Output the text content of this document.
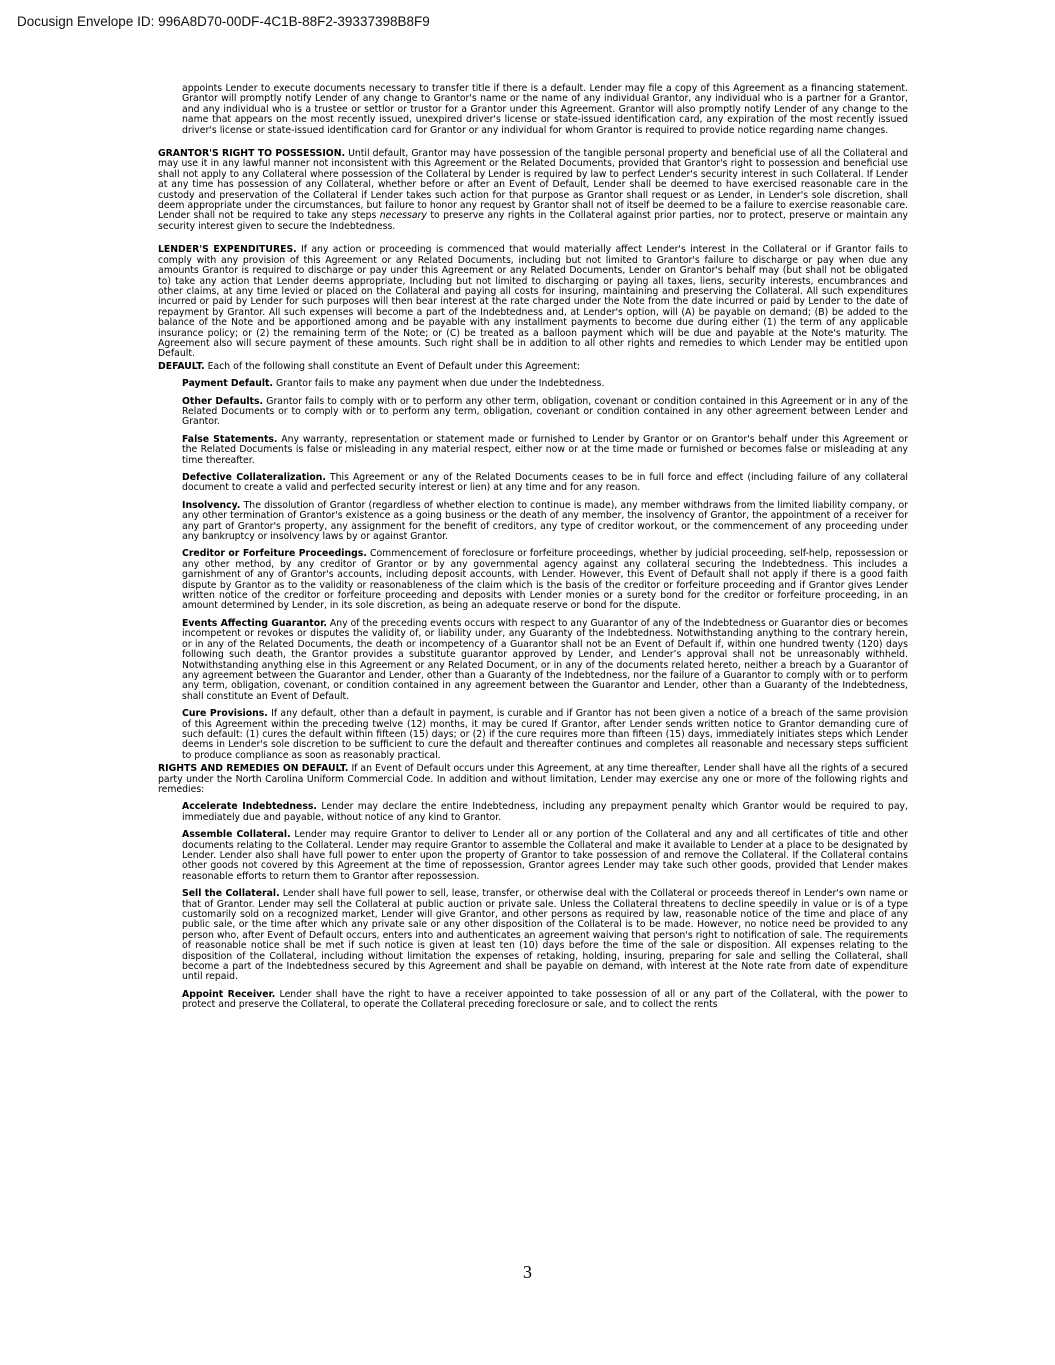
Docusign Envelope ID: 996A8D70-00DF-4C1B-88F2-39337398B8F9

appoints Lender to execute documents necessary to transfer title if there is a default. Lender may file a copy of this Agreement as a financing statement. Grantor will promptly notify Lender of any change to Grantor's name or the name of any individual Grantor, any individual who is a partner for a Grantor, and any individual who is a trustee or settlor or trustor for a Grantor under this Agreement. Grantor will also promptly notify Lender of any change to the name that appears on the most recently issued, unexpired driver's license or state-issued identification card, any expiration of the most recently issued driver's license or state-issued identification card for Grantor or any individual for whom Grantor is required to provide notice regarding name changes.

GRANTOR'S RIGHT TO POSSESSION. Until default, Grantor may have possession of the tangible personal property and beneficial use of all the Collateral and may use it in any lawful manner not inconsistent with this Agreement or the Related Documents, provided that Grantor's right to possession and beneficial use shall not apply to any Collateral where possession of the Collateral by Lender is required by law to perfect Lender's security interest in such Collateral. If Lender at any time has possession of any Collateral, whether before or after an Event of Default, Lender shall be deemed to have exercised reasonable care in the custody and preservation of the Collateral if Lender takes such action for that purpose as Grantor shall request or as Lender, in Lender's sole discretion, shall deem appropriate under the circumstances, but failure to honor any request by Grantor shall not of itself be deemed to be a failure to exercise reasonable care. Lender shall not be required to take any steps necessary to preserve any rights in the Collateral against prior parties, nor to protect, preserve or maintain any security interest given to secure the Indebtedness.

LENDER'S EXPENDITURES. If any action or proceeding is commenced that would materially affect Lender's interest in the Collateral or if Grantor fails to comply with any provision of this Agreement or any Related Documents, including but not limited to Grantor's failure to discharge or pay when due any amounts Grantor is required to discharge or pay under this Agreement or any Related Documents, Lender on Grantor's behalf may (but shall not be obligated to) take any action that Lender deems appropriate, Including but not limited to discharging or paying all taxes, liens, security interests, encumbrances and other claims, at any time levied or placed on the Collateral and paying all costs for insuring, maintaining and preserving the Collateral. All such expenditures incurred or paid by Lender for such purposes will then bear interest at the rate charged under the Note from the date incurred or paid by Lender to the date of repayment by Grantor. All such expenses will become a part of the Indebtedness and, at Lender's option, will (A) be payable on demand; (B) be added to the balance of the Note and be apportioned among and be payable with any installment payments to become due during either (1) the term of any applicable insurance policy; or (2) the remaining term of the Note; or (C) be treated as a balloon payment which will be due and payable at the Note's maturity. The Agreement also will secure payment of these amounts. Such right shall be in addition to all other rights and remedies to which Lender may be entitled upon Default.

DEFAULT. Each of the following shall constitute an Event of Default under this Agreement:

Payment Default. Grantor fails to make any payment when due under the Indebtedness.

Other Defaults. Grantor fails to comply with or to perform any other term, obligation, covenant or condition contained in this Agreement or in any of the Related Documents or to comply with or to perform any term, obligation, covenant or condition contained in any other agreement between Lender and Grantor.

False Statements. Any warranty, representation or statement made or furnished to Lender by Grantor or on Grantor's behalf under this Agreement or the Related Documents is false or misleading in any material respect, either now or at the time made or furnished or becomes false or misleading at any time thereafter.

Defective Collateralization. This Agreement or any of the Related Documents ceases to be in full force and effect (including failure of any collateral document to create a valid and perfected security interest or lien) at any time and for any reason.

Insolvency. The dissolution of Grantor (regardless of whether election to continue is made), any member withdraws from the limited liability company, or any other termination of Grantor's existence as a going business or the death of any member, the insolvency of Grantor, the appointment of a receiver for any part of Grantor's property, any assignment for the benefit of creditors, any type of creditor workout, or the commencement of any proceeding under any bankruptcy or insolvency laws by or against Grantor.

Creditor or Forfeiture Proceedings. Commencement of foreclosure or forfeiture proceedings, whether by judicial proceeding, self-help, repossession or any other method, by any creditor of Grantor or by any governmental agency against any collateral securing the Indebtedness. This includes a garnishment of any of Grantor's accounts, including deposit accounts, with Lender. However, this Event of Default shall not apply if there is a good faith dispute by Grantor as to the validity or reasonableness of the claim which is the basis of the creditor or forfeiture proceeding and if Grantor gives Lender written notice of the creditor or forfeiture proceeding and deposits with Lender monies or a surety bond for the creditor or forfeiture proceeding, in an amount determined by Lender, in its sole discretion, as being an adequate reserve or bond for the dispute.

Events Affecting Guarantor. Any of the preceding events occurs with respect to any Guarantor of any of the Indebtedness or Guarantor dies or becomes incompetent or revokes or disputes the validity of, or liability under, any Guaranty of the Indebtedness. Notwithstanding anything to the contrary herein, or in any of the Related Documents, the death or incompetency of a Guarantor shall not be an Event of Default if, within one hundred twenty (120) days following such death, the Grantor provides a substitute guarantor approved by Lender, and Lender’s approval shall not be unreasonably withheld. Notwithstanding anything else in this Agreement or any Related Document, or in any of the documents related hereto, neither a breach by a Guarantor of any agreement between the Guarantor and Lender, other than a Guaranty of the Indebtedness, nor the failure of a Guarantor to comply with or to perform any term, obligation, covenant, or condition contained in any agreement between the Guarantor and Lender, other than a Guaranty of the Indebtedness, shall constitute an Event of Default.

Cure Provisions. If any default, other than a default in payment, is curable and if Grantor has not been given a notice of a breach of the same provision of this Agreement within the preceding twelve (12) months, it may be cured If Grantor, after Lender sends written notice to Grantor demanding cure of such default: (1) cures the default within fifteen (15) days; or (2) if the cure requires more than fifteen (15) days, immediately initiates steps which Lender deems in Lender's sole discretion to be sufficient to cure the default and thereafter continues and completes all reasonable and necessary steps sufficient to produce compliance as soon as reasonably practical.

RIGHTS AND REMEDIES ON DEFAULT. If an Event of Default occurs under this Agreement, at any time thereafter, Lender shall have all the rights of a secured party under the North Carolina Uniform Commercial Code. In addition and without limitation, Lender may exercise any one or more of the following rights and remedies:

Accelerate Indebtedness. Lender may declare the entire Indebtedness, including any prepayment penalty which Grantor would be required to pay, immediately due and payable, without notice of any kind to Grantor.

Assemble Collateral. Lender may require Grantor to deliver to Lender all or any portion of the Collateral and any and all certificates of title and other documents relating to the Collateral. Lender may require Grantor to assemble the Collateral and make it available to Lender at a place to be designated by Lender. Lender also shall have full power to enter upon the property of Grantor to take possession of and remove the Collateral. If the Collateral contains other goods not covered by this Agreement at the time of repossession, Grantor agrees Lender may take such other goods, provided that Lender makes reasonable efforts to return them to Grantor after repossession.

Sell the Collateral. Lender shall have full power to sell, lease, transfer, or otherwise deal with the Collateral or proceeds thereof in Lender's own name or that of Grantor. Lender may sell the Collateral at public auction or private sale. Unless the Collateral threatens to decline speedily in value or is of a type customarily sold on a recognized market, Lender will give Grantor, and other persons as required by law, reasonable notice of the time and place of any public sale, or the time after which any private sale or any other disposition of the Collateral is to be made. However, no notice need be provided to any person who, after Event of Default occurs, enters into and authenticates an agreement waiving that person's right to notification of sale. The requirements of reasonable notice shall be met if such notice is given at least ten (10) days before the time of the sale or disposition. All expenses relating to the disposition of the Collateral, including without limitation the expenses of retaking, holding, insuring, preparing for sale and selling the Collateral, shall become a part of the Indebtedness secured by this Agreement and shall be payable on demand, with interest at the Note rate from date of expenditure until repaid.

Appoint Receiver. Lender shall have the right to have a receiver appointed to take possession of all or any part of the Collateral, with the power to protect and preserve the Collateral, to operate the Collateral preceding foreclosure or sale, and to collect the rents

3
